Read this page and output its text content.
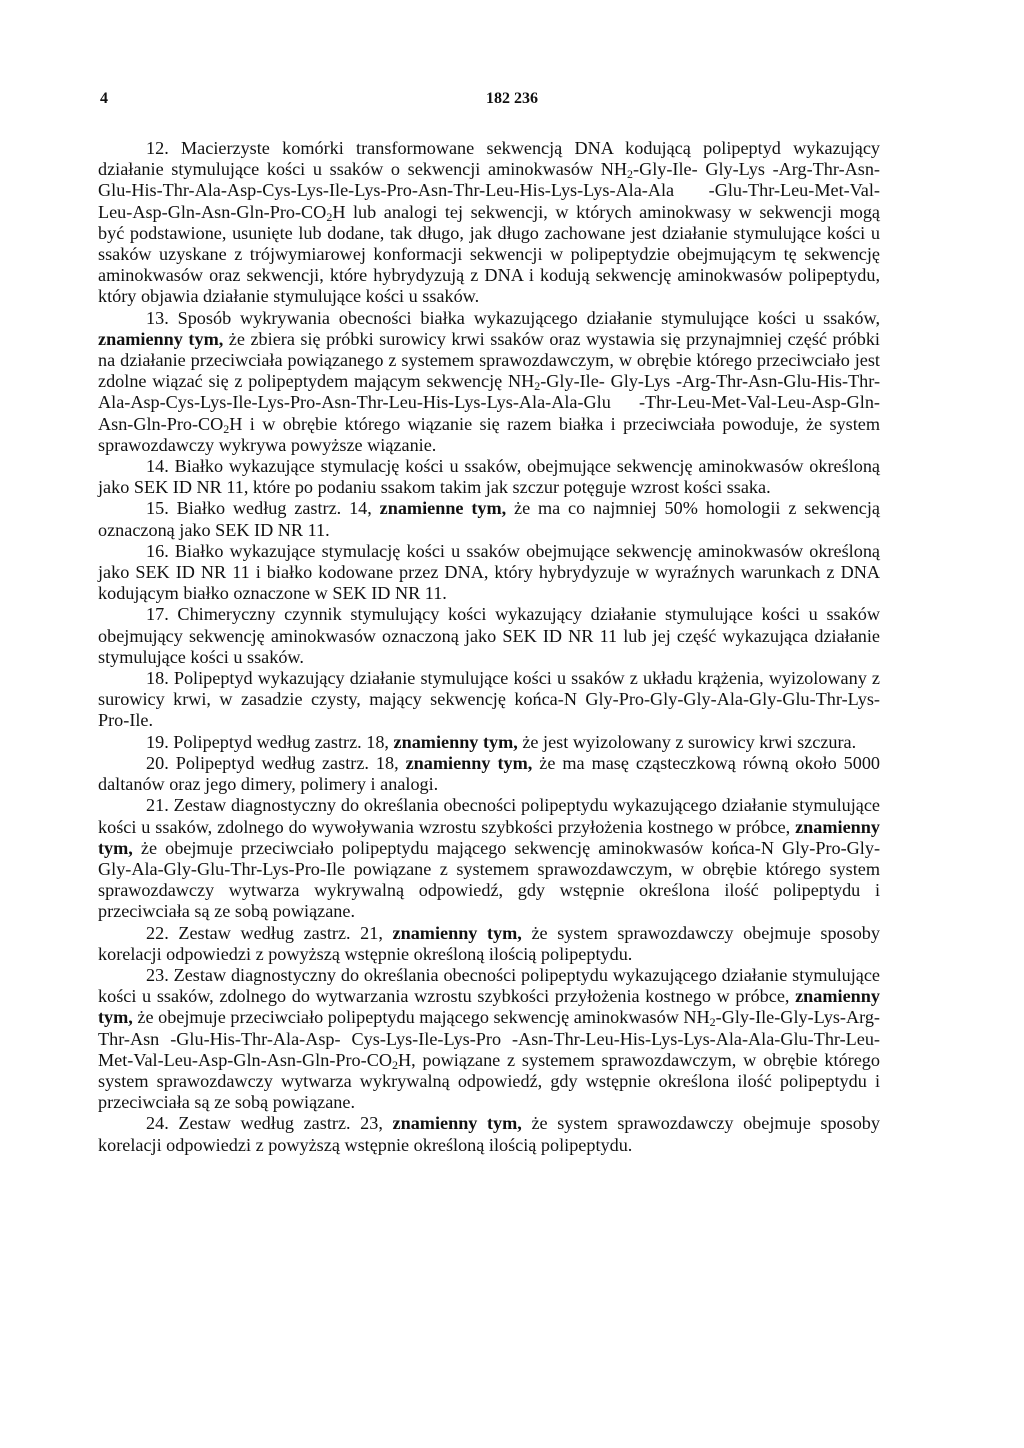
4	182 236

12. Macierzyste komórki transformowane sekwencją DNA kodującą polipeptyd wykazujący działanie stymulujące kości u ssaków o sekwencji aminokwasów $NH_2-Gly-Ile-$ Gly-Lys -Arg-Thr-Asn-Glu-His-Thr-Ala-Asp-Cys-Lys-Ile-Lys-Pro-Asn-Thr-Leu-His-Lys-Lys-Ala-Ala $-Glu-Thr-Leu-Met-Val-Leu-Asp-Gln-Asn-Gln-Pro-CO_2H$ lub analogi tej sekwencji, w których aminokwasy w sekwencji mogą być podstawione, usunięte lub dodane, tak długo, jak długo zachowane jest działanie stymulujące kości u ssaków uzyskane z trójwymiarowej konformacji sekwencji w polipeptydzie obejmującym tę sekwencję aminokwasów oraz sekwencji, które hybrydyzują z DNA i kodują sekwencję aminokwasów polipeptydu, który objawia działanie stymulujące kości u ssaków.

13. Sposób wykrywania obecności białka wykazującego działanie stymulujące kości u ssaków, znamienny tym, że zbiera się próbki surowicy krwi ssaków oraz wystawia się przynajmniej część próbki na działanie przeciwciała powiązanego z systemem sprawozdawczym, w obrębie którego przeciwciało jest zdolne wiązać się z polipeptydem mającym sekwencję $NH_2-Gly-Ile-$ Gly-Lys -Arg-Thr-Asn-Glu-His-Thr-Ala-Asp-Cys-Lys-Ile-Lys-Pro-Asn-Thr-Leu-His-Lys-Lys-Ala-Ala-Glu $-Thr-Leu-Met-Val-Leu-Asp-Gln-Asn-Gln-Pro-CO_2H$ i w obrębie którego wiązanie się razem białka i przeciwciała powoduje, że system sprawozdawczy wykrywa powyższe wiązanie.

14. Białko wykazujące stymulację kości u ssaków, obejmujące sekwencję aminokwasów określoną jako SEK ID NR 11, które po podaniu ssakom takim jak szczur potęguje wzrost kości ssaka.

15. Białko według zastrz. 14, znamienne tym, że ma co najmniej 50% homologii z sekwencją oznaczoną jako SEK ID NR 11.

16. Białko wykazujące stymulację kości u ssaków obejmujące sekwencję aminokwasów określoną jako SEK ID NR 11 i białko kodowane przez DNA, który hybrydyzuje w wyraźnych warunkach z DNA kodującym białko oznaczone w SEK ID NR 11.

17. Chimeryczny czynnik stymulujący kości wykazujący działanie stymulujące kości u ssaków obejmujący sekwencję aminokwasów oznaczoną jako SEK ID NR 11 lub jej część wykazująca działanie stymulujące kości u ssaków.

18. Polipeptyd wykazujący działanie stymulujące kości u ssaków z układu krążenia, wyizolowany z surowicy krwi, w zasadzie czysty, mający sekwencję końca-N Gly-Pro-Gly-Gly-Ala-Gly-Glu-Thr-Lys-Pro-Ile.

19. Polipeptyd według zastrz. 18, znamienny tym, że jest wyizolowany z surowicy krwi szczura.

20. Polipeptyd według zastrz. 18, znamienny tym, że ma masę cząsteczkową równą około 5000 daltanów oraz jego dimery, polimery i analogi.

21. Zestaw diagnostyczny do określania obecności polipeptydu wykazującego działanie stymulujące kości u ssaków, zdolnego do wywoływania wzrostu szybkości przyłożenia kostnego w próbce, znamienny tym, że obejmuje przeciwciało polipeptydu mającego sekwencję aminokwasów końca-N Gly-Pro-Gly-Gly-Ala-Gly-Glu-Thr-Lys-Pro-Ile powiązane z systemem sprawozdawczym, w obrębie którego system sprawozdawczy wytwarza wykrywalną odpowiedź, gdy wstępnie określona ilość polipeptydu i przeciwciała są ze sobą powiązane.

22. Zestaw według zastrz. 21, znamienny tym, że system sprawozdawczy obejmuje sposoby korelacji odpowiedzi z powyższą wstępnie określoną ilością polipeptydu.

23. Zestaw diagnostyczny do określania obecności polipeptydu wykazującego działanie stymulujące kości u ssaków, zdolnego do wytwarzania wzrostu szybkości przyłożenia kostnego w próbce, znamienny tym, że obejmuje przeciwciało polipeptydu mającego sekwencję aminokwasów $NH_2-Gly-Ile-Gly-Lys-Arg-Thr$-Asn -Glu-His-Thr-Ala-Asp- Cys-Lys-Ile-Lys-Pro $-Asn-Thr-Leu-His-Lys-Lys-Ala-Ala-Glu-Thr-Leu-Met-Val-Leu-Asp-Gln-Asn-Gln-Pro-CO_2H$, powiązane z systemem sprawozdawczym, w obrębie którego system sprawozdawczy wytwarza wykrywalną odpowiedź, gdy wstępnie określona ilość polipeptydu i przeciwciała są ze sobą powiązane.

24. Zestaw według zastrz. 23, znamienny tym, że system sprawozdawczy obejmuje sposoby korelacji odpowiedzi z powyższą wstępnie określoną ilością polipeptydu.
